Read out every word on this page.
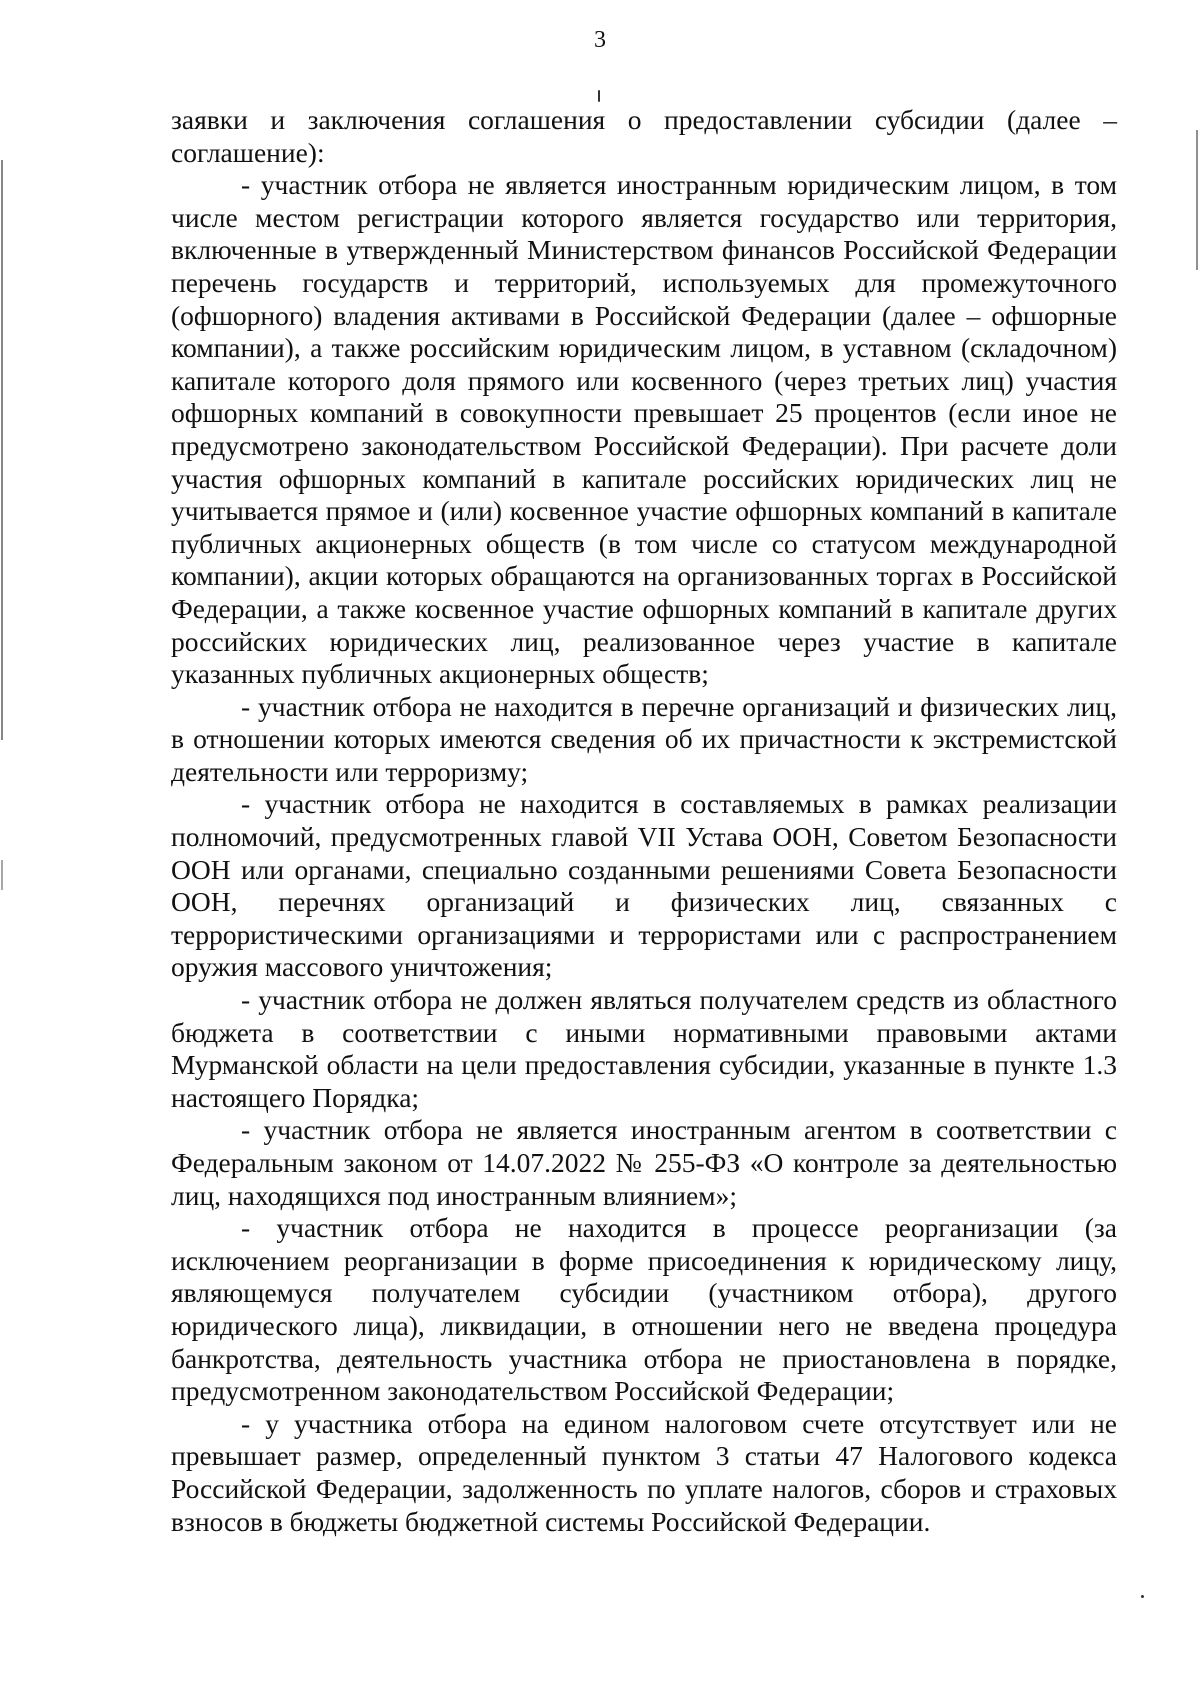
3

заявки и заключения соглашения о предоставлении субсидии (далее – соглашение):

- участник отбора не является иностранным юридическим лицом, в том числе местом регистрации которого является государство или территория, включенные в утвержденный Министерством финансов Российской Федерации перечень государств и территорий, используемых для промежуточного (офшорного) владения активами в Российской Федерации (далее – офшорные компании), а также российским юридическим лицом, в уставном (складочном) капитале которого доля прямого или косвенного (через третьих лиц) участия офшорных компаний в совокупности превышает 25 процентов (если иное не предусмотрено законодательством Российской Федерации). При расчете доли участия офшорных компаний в капитале российских юридических лиц не учитывается прямое и (или) косвенное участие офшорных компаний в капитале публичных акционерных обществ (в том числе со статусом международной компании), акции которых обращаются на организованных торгах в Российской Федерации, а также косвенное участие офшорных компаний в капитале других российских юридических лиц, реализованное через участие в капитале указанных публичных акционерных обществ;

- участник отбора не находится в перечне организаций и физических лиц, в отношении которых имеются сведения об их причастности к экстремистской деятельности или терроризму;

- участник отбора не находится в составляемых в рамках реализации полномочий, предусмотренных главой VII Устава ООН, Советом Безопасности ООН или органами, специально созданными решениями Совета Безопасности ООН, перечнях организаций и физических лиц, связанных с террористическими организациями и террористами или с распространением оружия массового уничтожения;

- участник отбора не должен являться получателем средств из областного бюджета в соответствии с иными нормативными правовыми актами Мурманской области на цели предоставления субсидии, указанные в пункте 1.3 настоящего Порядка;

- участник отбора не является иностранным агентом в соответствии с Федеральным законом от 14.07.2022 № 255-ФЗ «О контроле за деятельностью лиц, находящихся под иностранным влиянием»;

- участник отбора не находится в процессе реорганизации (за исключением реорганизации в форме присоединения к юридическому лицу, являющемуся получателем субсидии (участником отбора), другого юридического лица), ликвидации, в отношении него не введена процедура банкротства, деятельность участника отбора не приостановлена в порядке, предусмотренном законодательством Российской Федерации;

- у участника отбора на едином налоговом счете отсутствует или не превышает размер, определенный пунктом 3 статьи 47 Налогового кодекса Российской Федерации, задолженность по уплате налогов, сборов и страховых взносов в бюджеты бюджетной системы Российской Федерации.
